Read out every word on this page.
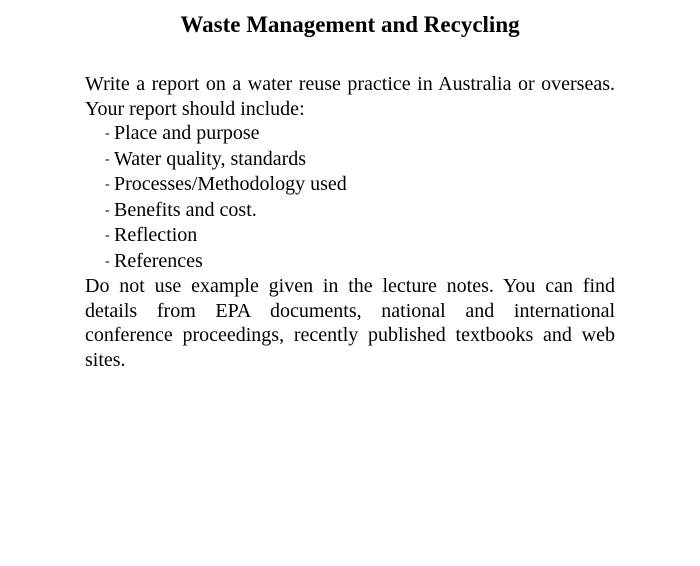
Waste Management and Recycling

Write a report on a water reuse practice in Australia or overseas. Your report should include:

- Place and purpose
- Water quality, standards
- Processes/Methodology used
- Benefits and cost.
- Reflection
- References

Do not use example given in the lecture notes. You can find details from EPA documents, national and international conference proceedings, recently published textbooks and web sites.
